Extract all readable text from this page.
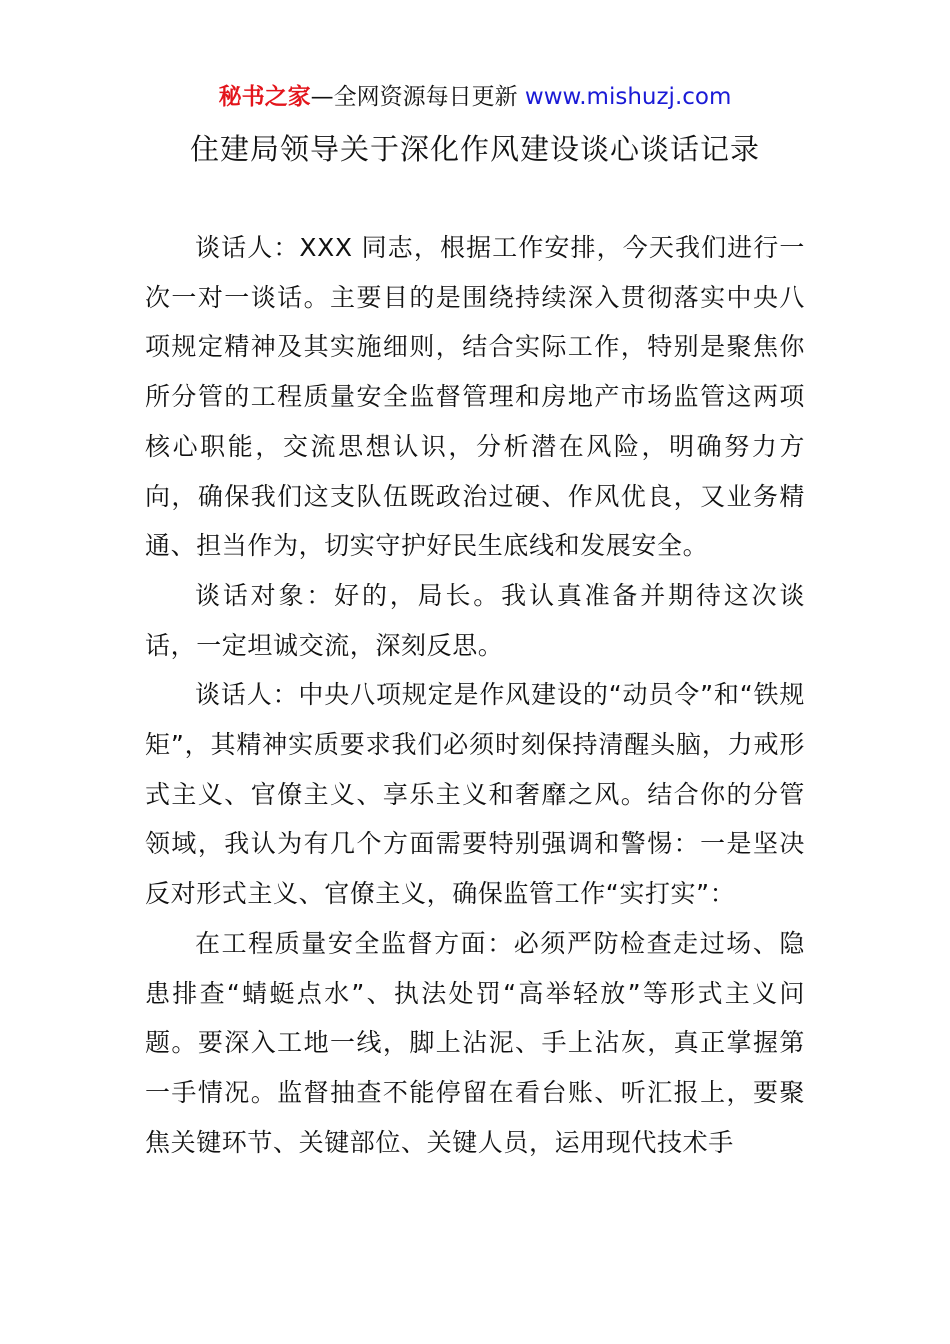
秘书之家—全网资源每日更新 www.mishuzj.com
住建局领导关于深化作风建设谈心谈话记录

谈话人：XXX 同志，根据工作安排，今天我们进行一次一对一谈话。主要目的是围绕持续深入贯彻落实中央八项规定精神及其实施细则，结合实际工作，特别是聚焦你所分管的工程质量安全监督管理和房地产市场监管这两项核心职能，交流思想认识，分析潜在风险，明确努力方向，确保我们这支队伍既政治过硬、作风优良，又业务精通、担当作为，切实守护好民生底线和发展安全。

谈话对象：好的，局长。我认真准备并期待这次谈话，一定坦诚交流，深刻反思。

谈话人：中央八项规定是作风建设的“动员令”和“铁规矩”，其精神实质要求我们必须时刻保持清醒头脑，力戒形式主义、官僚主义、享乐主义和奢靡之风。结合你的分管领域，我认为有几个方面需要特别强调和警惕：一是坚决反对形式主义、官僚主义，确保监管工作“实打实”：

在工程质量安全监督方面：必须严防检查走过场、隐患排查“蜻蜓点水”、执法处罚“高举轻放”等形式主义问题。要深入工地一线，脚上沾泥、手上沾灰，真正掌握第一手情况。监督抽查不能停留在看台账、听汇报上，要聚焦关键环节、关键部位、关键人员，运用现代技术手
